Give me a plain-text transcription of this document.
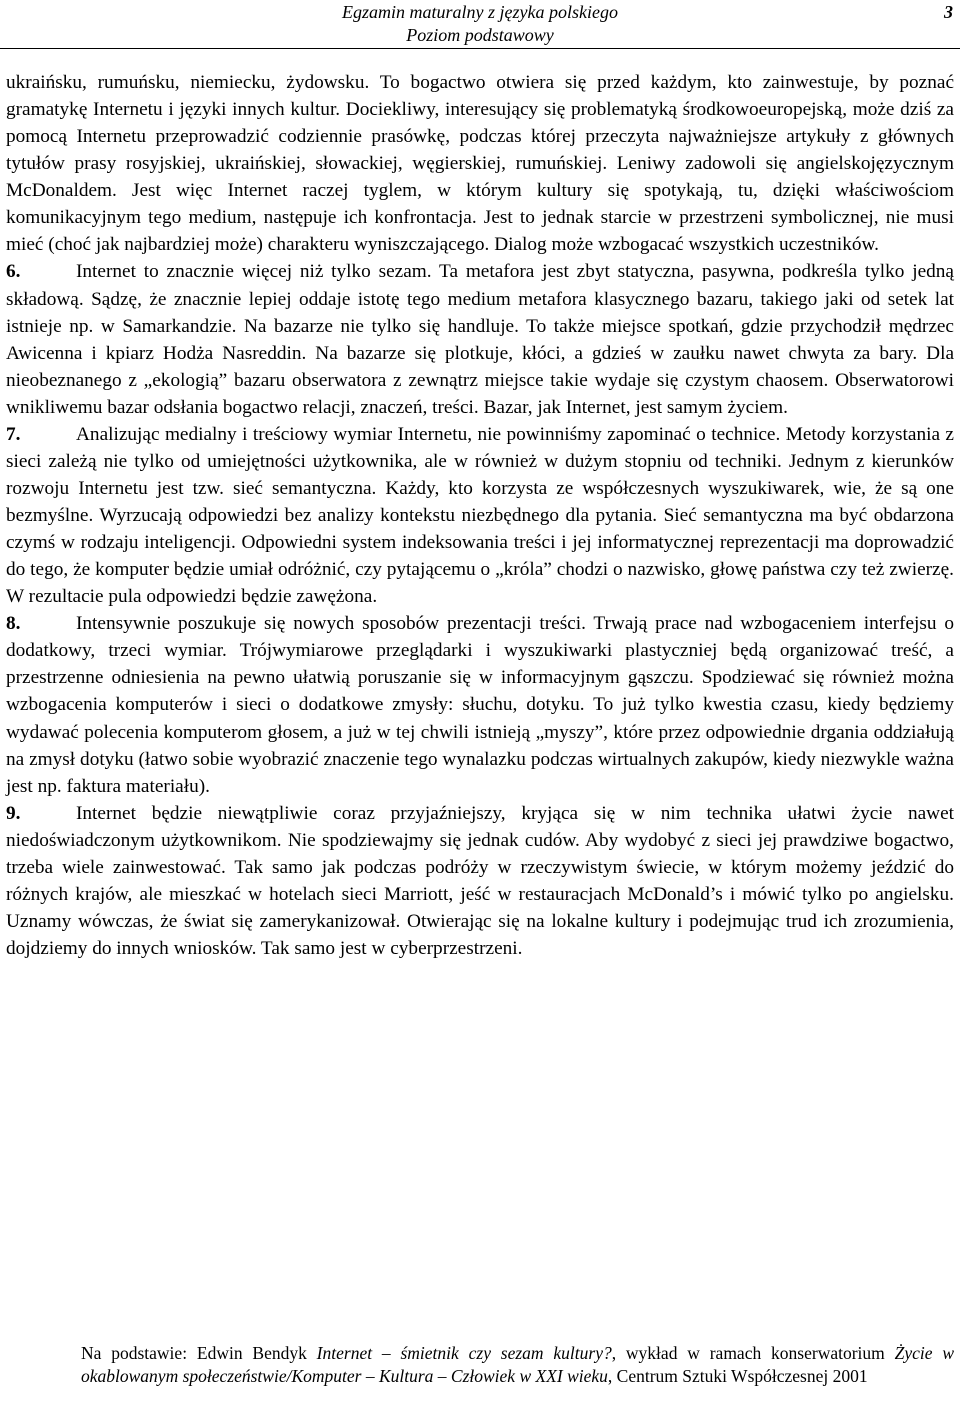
Egzamin maturalny z języka polskiego
Poziom podstawowy
3

ukraińsku, rumuńsku, niemiecku, żydowsku. To bogactwo otwiera się przed każdym, kto zainwestuje, by poznać gramatykę Internetu i języki innych kultur. Dociekliwy, interesujący się problematyką środkowoeuropejską, może dziś za pomocą Internetu przeprowadzić codziennie prasówkę, podczas której przeczyta najważniejsze artykuły z głównych tytułów prasy rosyjskiej, ukraińskiej, słowackiej, węgierskiej, rumuńskiej. Leniwy zadowoli się angielskojęzycznym McDonaldem. Jest więc Internet raczej tyglem, w którym kultury się spotykają, tu, dzięki właściwościom komunikacyjnym tego medium, następuje ich konfrontacja. Jest to jednak starcie w przestrzeni symbolicznej, nie musi mieć (choć jak najbardziej może) charakteru wyniszczającego. Dialog może wzbogacać wszystkich uczestników.

6.	Internet to znacznie więcej niż tylko sezam. Ta metafora jest zbyt statyczna, pasywna, podkreśla tylko jedną składową. Sądzę, że znacznie lepiej oddaje istotę tego medium metafora klasycznego bazaru, takiego jaki od setek lat istnieje np. w Samarkandzie. Na bazarze nie tylko się handluje. To także miejsce spotkań, gdzie przychodził mędrzec Awicenna i kpiarz Hodża Nasreddin. Na bazarze się plotkuje, kłóci, a gdzieś w zaułku nawet chwyta za bary. Dla nieobeznanego z „ekologią” bazaru obserwatora z zewnątrz miejsce takie wydaje się czystym chaosem. Obserwatorowi wnikliwemu bazar odsłania bogactwo relacji, znaczeń, treści. Bazar, jak Internet, jest samym życiem.

7.	Analizując medialny i treściowy wymiar Internetu, nie powinniśmy zapominać o technice. Metody korzystania z sieci zależą nie tylko od umiejętności użytkownika, ale w również w dużym stopniu od techniki. Jednym z kierunków rozwoju Internetu jest tzw. sieć semantyczna. Każdy, kto korzysta ze współczesnych wyszukiwarek, wie, że są one bezmyślne. Wyrzucają odpowiedzi bez analizy kontekstu niezbędnego dla pytania. Sieć semantyczna ma być obdarzona czymś w rodzaju inteligencji. Odpowiedni system indeksowania treści i jej informatycznej reprezentacji ma doprowadzić do tego, że komputer będzie umiał odróżnić, czy pytającemu o „króla” chodzi o nazwisko, głowę państwa czy też zwierzę. W rezultacie pula odpowiedzi będzie zawężona.

8.	Intensywnie poszukuje się nowych sposobów prezentacji treści. Trwają prace nad wzbogaceniem interfejsu o dodatkowy, trzeci wymiar. Trójwymiarowe przeglądarki i wyszukiwarki plastyczniej będą organizować treść, a przestrzenne odniesienia na pewno ułatwią poruszanie się w informacyjnym gąszczu. Spodziewać się również można wzbogacenia komputerów i sieci o dodatkowe zmysły: słuchu, dotyku. To już tylko kwestia czasu, kiedy będziemy wydawać polecenia komputerom głosem, a już w tej chwili istnieją „myszy”, które przez odpowiednie drgania oddziałują na zmysł dotyku (łatwo sobie wyobrazić znaczenie tego wynalazku podczas wirtualnych zakupów, kiedy niezwykle ważna jest np. faktura materiału).

9.	Internet będzie niewątpliwie coraz przyjaźniejszy, kryjąca się w nim technika ułatwi życie nawet niedoświadczonym użytkownikom. Nie spodziewajmy się jednak cudów. Aby wydobyć z sieci jej prawdziwe bogactwo, trzeba wiele zainwestować. Tak samo jak podczas podróży w rzeczywistym świecie, w którym możemy jeździć do różnych krajów, ale mieszkać w hotelach sieci Marriott, jeść w restauracjach McDonald’s i mówić tylko po angielsku. Uznamy wówczas, że świat się zamerykanizował. Otwierając się na lokalne kultury i podejmując trud ich zrozumienia, dojdziemy do innych wniosków. Tak samo jest w cyberprzestrzeni.

Na podstawie: Edwin Bendyk Internet – śmietnik czy sezam kultury?, wykład w ramach konserwatorium Życie w okablowanym społeczeństwie/Komputer – Kultura – Człowiek w XXI wieku, Centrum Sztuki Współczesnej 2001
